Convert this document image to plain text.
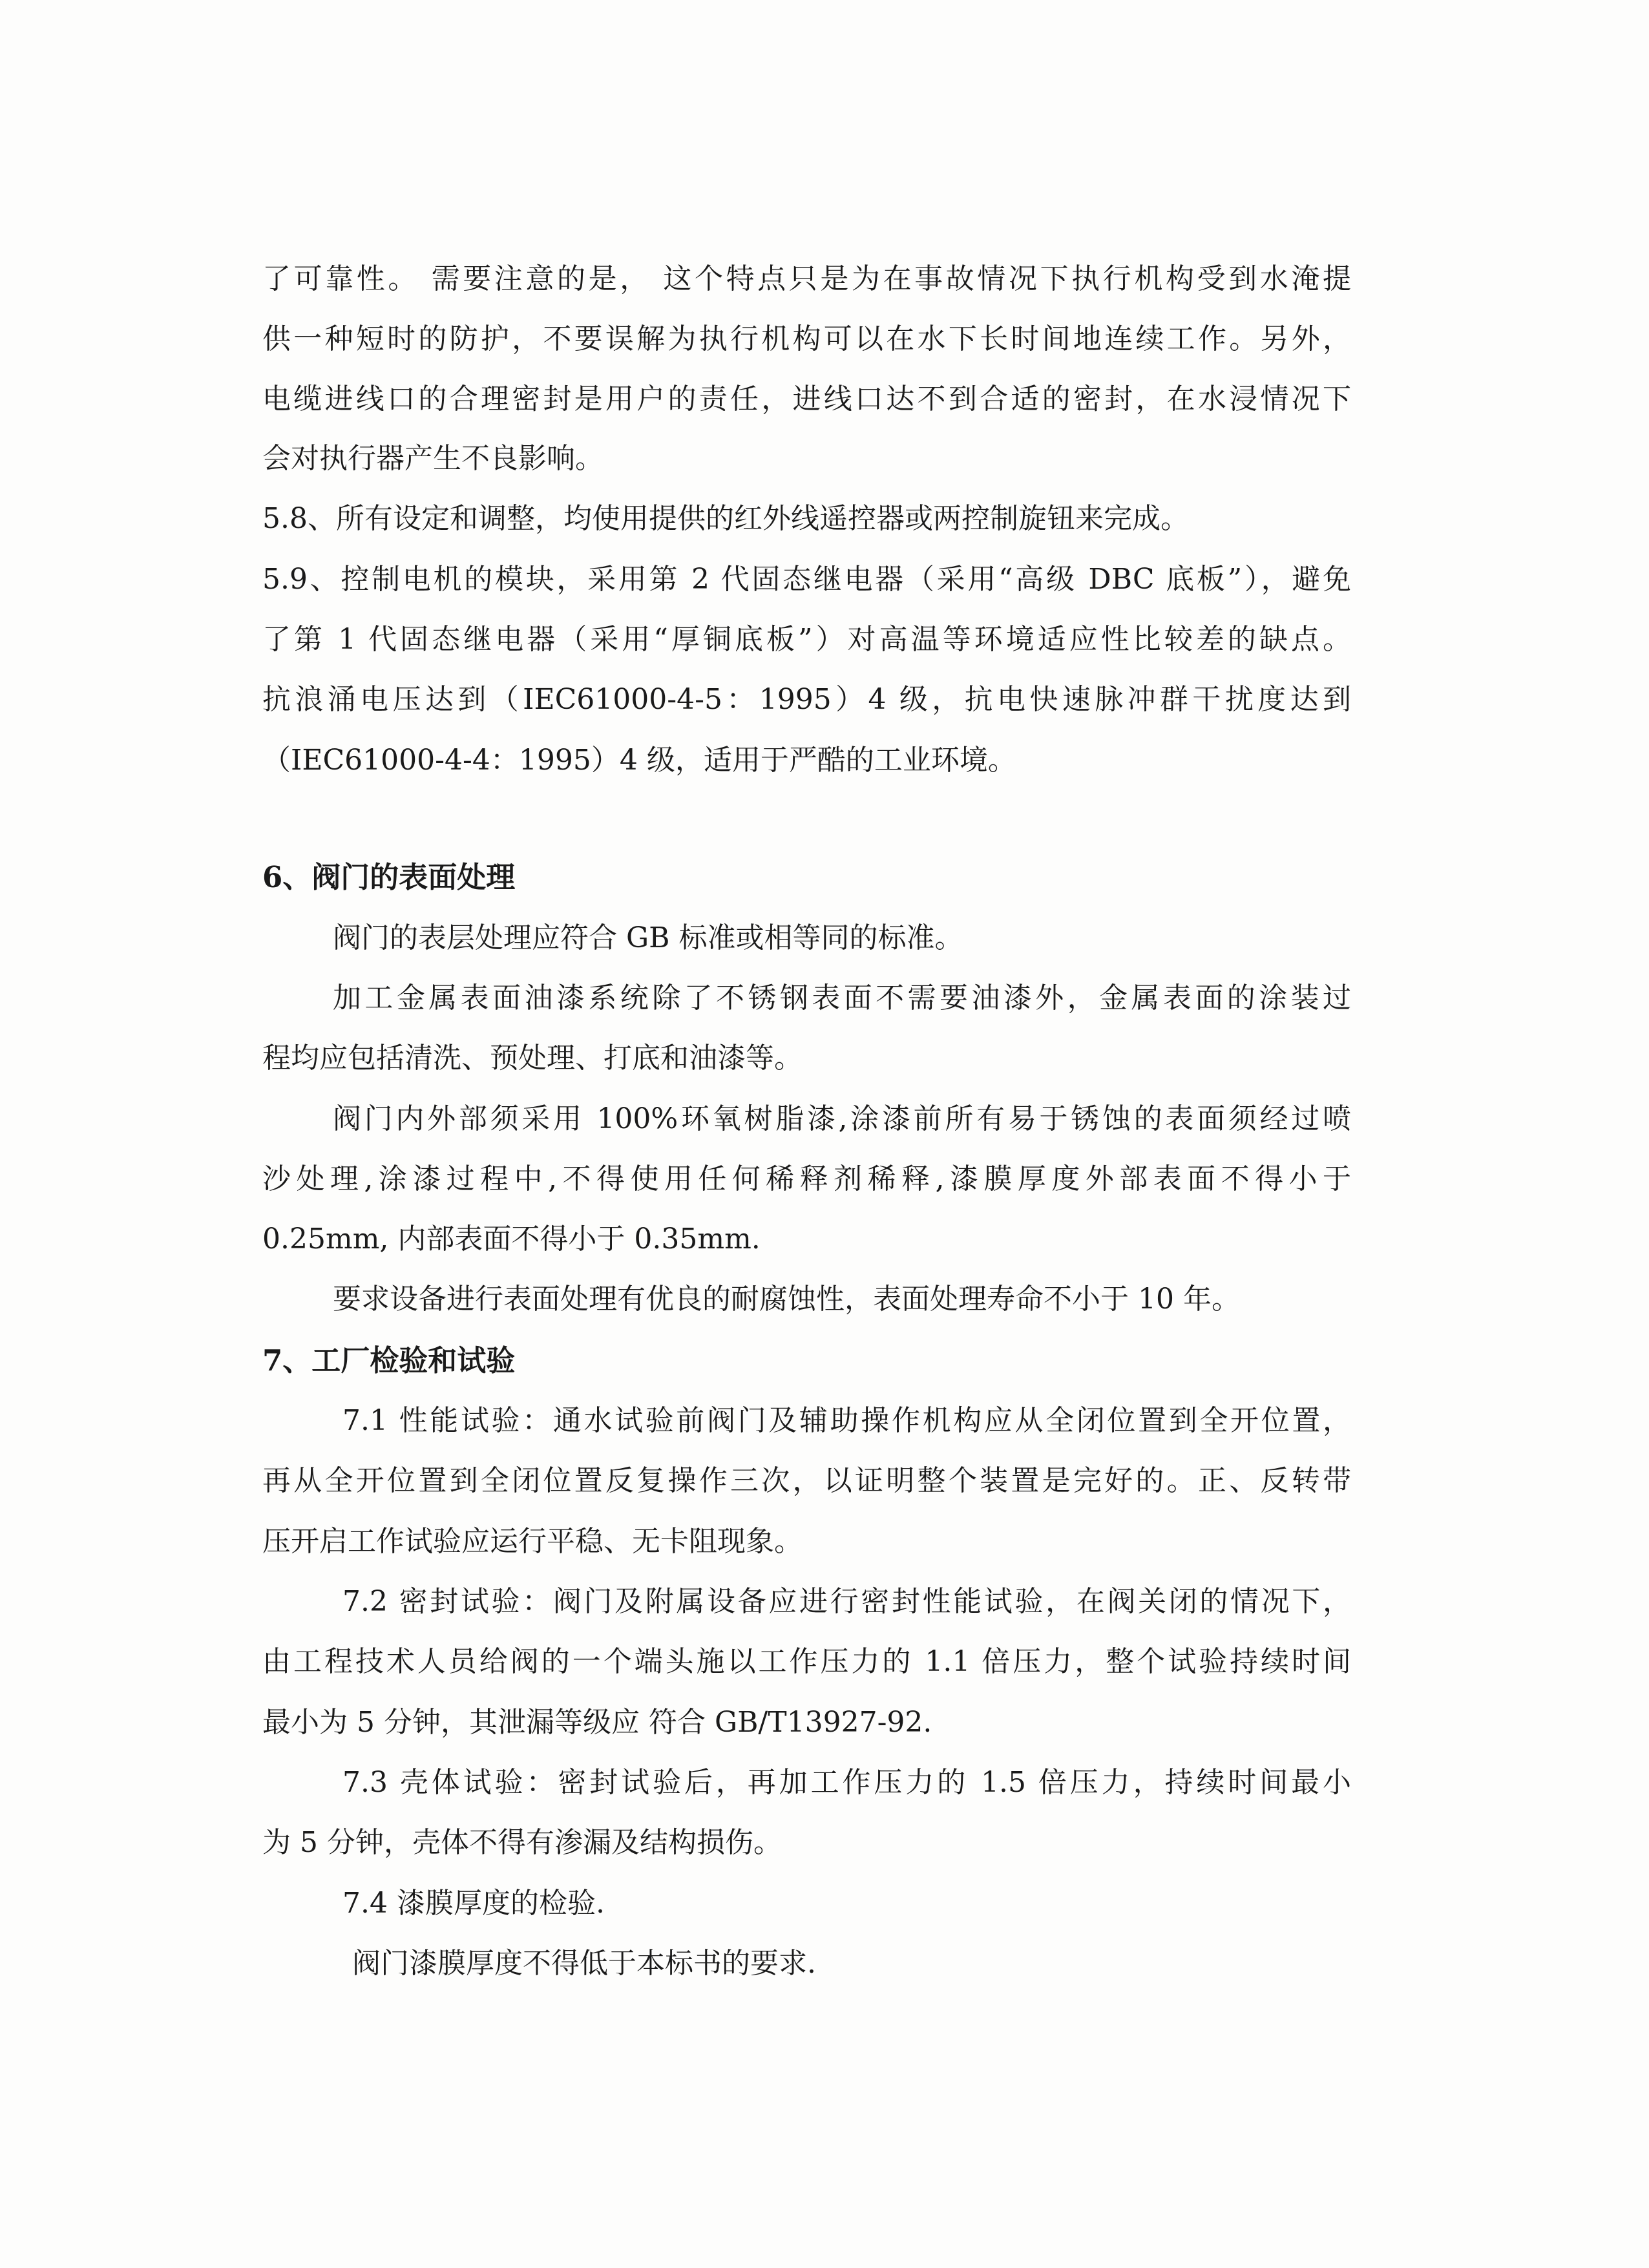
了可靠性。 需要注意的是， 这个特点只是为在事故情况下执行机构受到水淹提
供一种短时的防护，不要误解为执行机构可以在水下长时间地连续工作。另外，
电缆进线口的合理密封是用户的责任，进线口达不到合适的密封，在水浸情况下
会对执行器产生不良影响。
5.8、所有设定和调整，均使用提供的红外线遥控器或两控制旋钮来完成。
5.9、控制电机的模块，采用第 2 代固态继电器（采用“高级 DBC 底板”），避免
了第 1 代固态继电器（采用“厚铜底板”）对高温等环境适应性比较差的缺点。
抗浪涌电压达到（IEC61000-4-5：1995）4 级，抗电快速脉冲群干扰度达到
（IEC61000-4-4：1995）4 级，适用于严酷的工业环境。
6、阀门的表面处理
阀门的表层处理应符合 GB 标准或相等同的标准。
加工金属表面油漆系统除了不锈钢表面不需要油漆外，金属表面的涂装过
程均应包括清洗、预处理、打底和油漆等。
阀门内外部须采用 100%环氧树脂漆,涂漆前所有易于锈蚀的表面须经过喷
沙处理,涂漆过程中,不得使用任何稀释剂稀释,漆膜厚度外部表面不得小于
0.25mm, 内部表面不得小于 0.35mm.
要求设备进行表面处理有优良的耐腐蚀性，表面处理寿命不小于 10 年。
7、工厂检验和试验
7.1 性能试验：通水试验前阀门及辅助操作机构应从全闭位置到全开位置，
再从全开位置到全闭位置反复操作三次，以证明整个装置是完好的。正、反转带
压开启工作试验应运行平稳、无卡阻现象。
7.2 密封试验：阀门及附属设备应进行密封性能试验，在阀关闭的情况下，
由工程技术人员给阀的一个端头施以工作压力的 1.1 倍压力，整个试验持续时间
最小为 5 分钟，其泄漏等级应 符合 GB/T13927-92.
7.3 壳体试验：密封试验后，再加工作压力的 1.5 倍压力，持续时间最小
为 5 分钟，壳体不得有渗漏及结构损伤。
7.4 漆膜厚度的检验.
阀门漆膜厚度不得低于本标书的要求.
